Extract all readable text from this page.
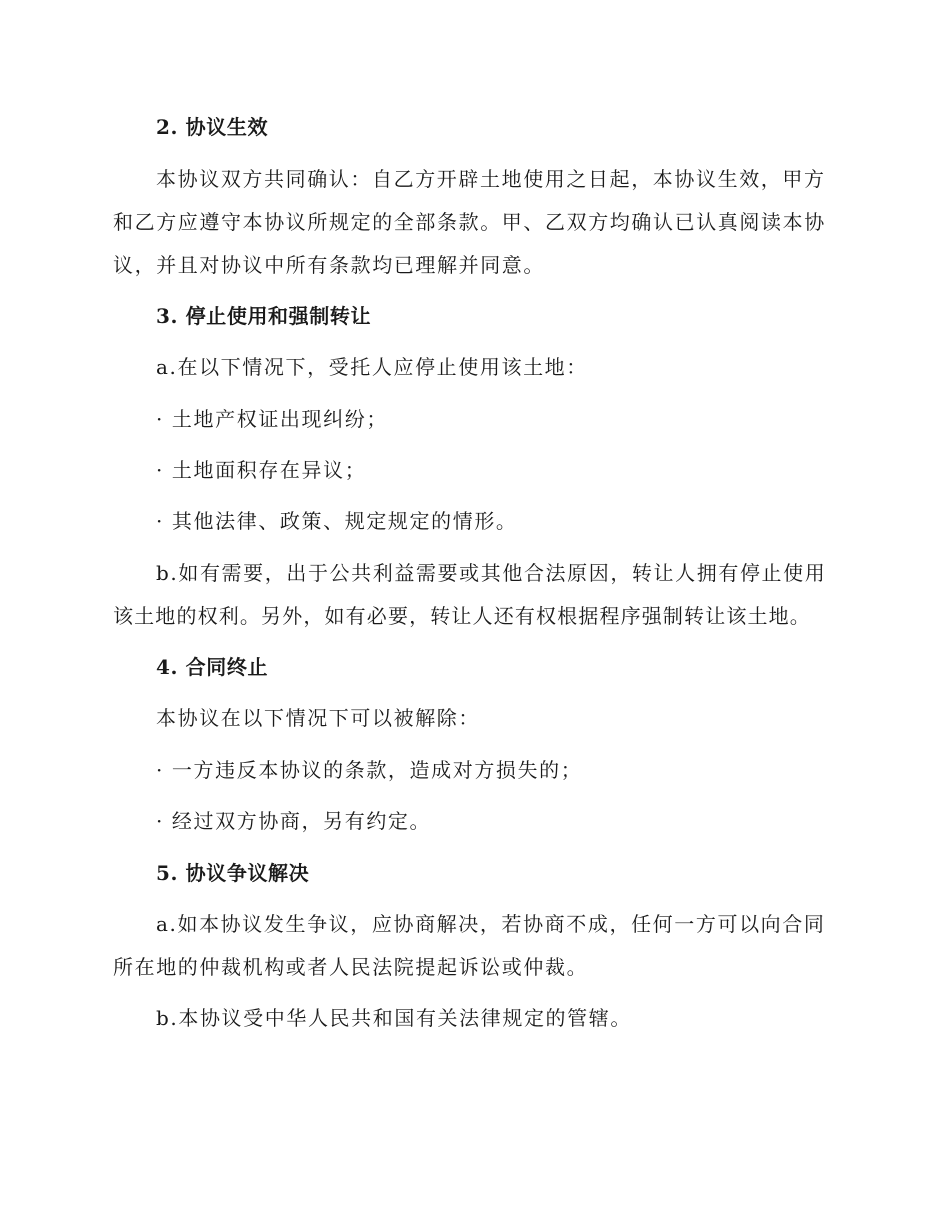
2. 协议生效
本协议双方共同确认：自乙方开辟土地使用之日起，本协议生效，甲方
和乙方应遵守本协议所规定的全部条款。甲、乙双方均确认已认真阅读本协
议，并且对协议中所有条款均已理解并同意。
3. 停止使用和强制转让
a.在以下情况下，受托人应停止使用该土地：
· 土地产权证出现纠纷；
· 土地面积存在异议；
· 其他法律、政策、规定规定的情形。
b.如有需要，出于公共利益需要或其他合法原因，转让人拥有停止使用
该土地的权利。另外，如有必要，转让人还有权根据程序强制转让该土地。
4. 合同终止
本协议在以下情况下可以被解除：
· 一方违反本协议的条款，造成对方损失的；
· 经过双方协商，另有约定。
5. 协议争议解决
a.如本协议发生争议，应协商解决，若协商不成，任何一方可以向合同
所在地的仲裁机构或者人民法院提起诉讼或仲裁。
b.本协议受中华人民共和国有关法律规定的管辖。
